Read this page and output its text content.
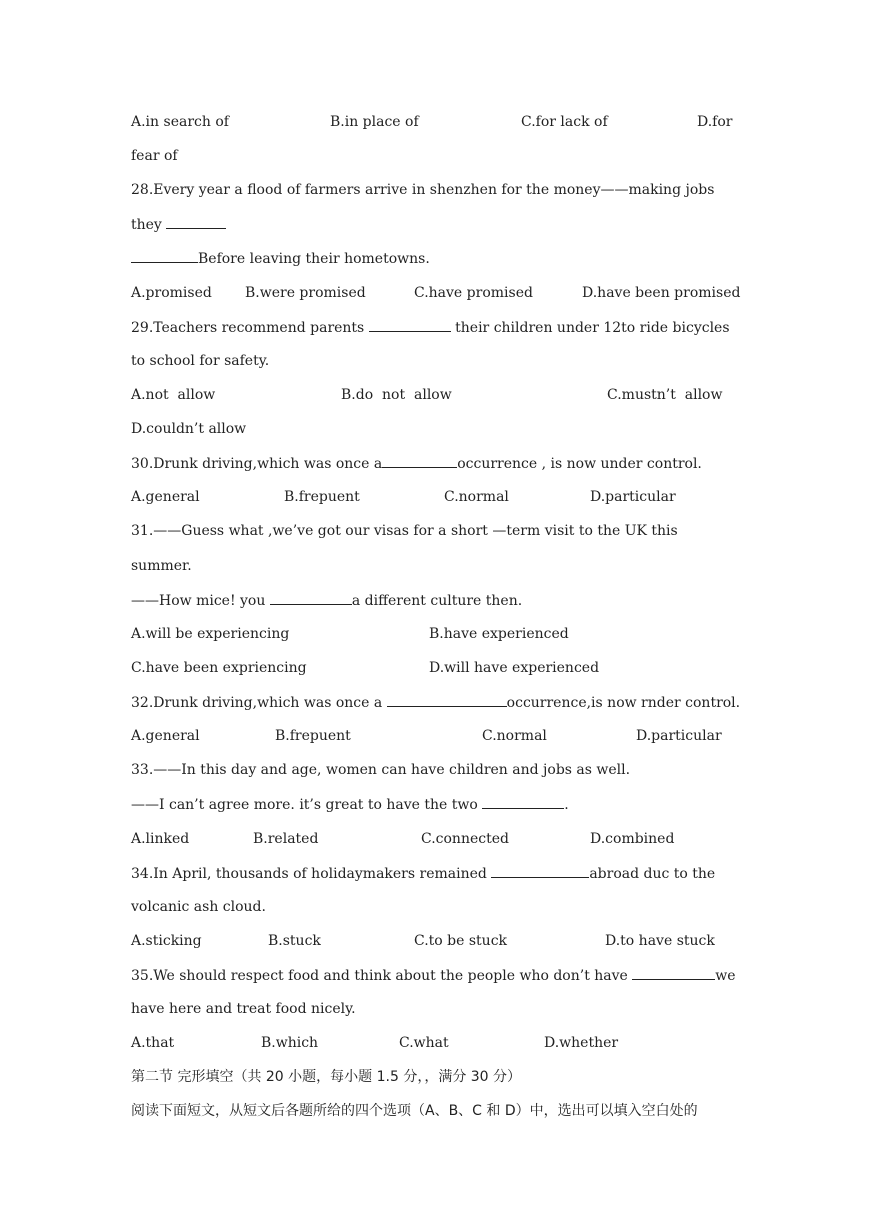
A.in search of	B.in place of	C.for lack of	D.for
fear of
28.Every year a flood of farmers arrive in shenzhen for the money——making jobs
they
Before leaving their hometowns.
A.promised B.were promised	C.have promised	D.have been promised
29.Teachers recommend parents	their children under 12to ride bicycles
to school for safety.
A.not  allow	B.do  not  allow	C.mustn’t  allow
D.couldn’t allow
30.Drunk driving,which was once a	occurrence , is now under control.
A.general	B.frepuent	C.normal	D.particular
31.——Guess what ,we’ve got our visas for a short —term visit to the UK this
summer.
——How mice! you	a different culture then.
A.will be experiencing	B.have experienced
C.have been expriencing	D.will have experienced
32.Drunk driving,which was once a	occurrence,is now rnder control.
A.general	B.frepuent	C.normal	D.particular
33.——In this day and age, women can have children and jobs as well.
——I can’t agree more. it’s great to have the two	.
A.linked	B.related	C.connected	D.combined
34.In April, thousands of holidaymakers remained	abroad duc to the
volcanic ash cloud.
A.sticking	B.stuck	C.to be stuck	D.to have stuck
35.We should respect food and think about the people who don’t have	we
have here and treat food nicely.
A.that	B.which	C.what	D.whether
第二节 完形填空（共 20 小题，每小题 1.5 分，，满分 30 分）
阅读下面短文，从短文后各题所给的四个选项（A、B、C 和 D）中，选出可以填入空白处的
